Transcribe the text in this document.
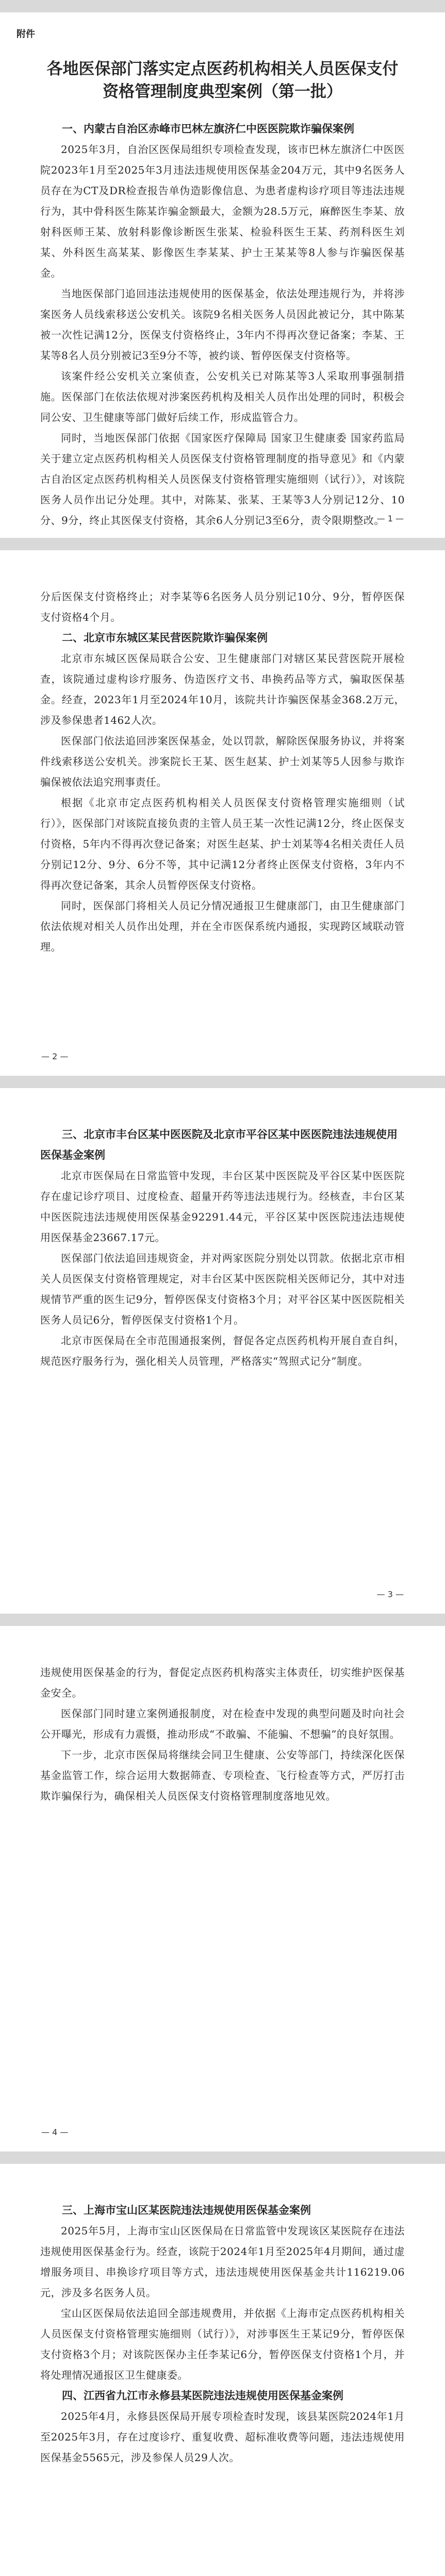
附件
各地医保部门落实定点医药机构相关人员医保支付资格管理制度典型案例（第一批）
一、内蒙古自治区赤峰市巴林左旗济仁中医医院欺诈骗保案例

2025年3月，自治区医保局组织专项检查发现，该市巴林左旗济仁中医医院2023年1月至2025年3月违法违规使用医保基金204万元，其中9名医务人员存在为CT及DR检查报告单伪造影像信息、为患者虚构诊疗项目等违法违规行为，其中骨科医生陈某诈骗金额最大，金额为28.5万元，麻醉医生李某、放射科医师王某、放射科影像诊断医生张某、检验科医生王某、药剂科医生刘某、外科医生高某某、影像医生李某某、护士王某某等8人参与诈骗医保基金。

当地医保部门追回违法违规使用的医保基金，依法处理违规行为，并将涉案医务人员线索移送公安机关。该院9名相关医务人员因此被记分，其中陈某被一次性记满12分，医保支付资格终止，3年内不得再次登记备案；李某、王某等8名人员分别被记3至9分不等，被约谈、暂停医保支付资格等。

该案件经公安机关立案侦查，公安机关已对陈某等3人采取刑事强制措施。医保部门在依法依规对涉案医药机构及相关人员作出处理的同时，积极会同公安、卫生健康等部门做好后续工作，形成监管合力。

同时，当地医保部门依据《国家医疗保障局 国家卫生健康委 国家药监局关于建立定点医药机构相关人员医保支付资格管理制度的指导意见》和《内蒙古自治区定点医药机构相关人员医保支付资格管理实施细则（试行）》，对该院医务人员作出记分处理。其中，对陈某、张某、王某等3人分别记12分、10分、9分，终止其医保支付资格，其余6人分别记3至6分，责令限期整改。

— 1 —

分后医保支付资格终止；对李某等6名医务人员分别记10分、9分，暂停医保支付资格4个月。

二、北京市东城区某民营医院欺诈骗保案例

北京市东城区医保局联合公安、卫生健康部门对辖区某民营医院开展检查，该院通过虚构诊疗服务、伪造医疗文书、串换药品等方式，骗取医保基金。经查，2023年1月至2024年10月，该院共计诈骗医保基金368.2万元，涉及参保患者1462人次。

医保部门依法追回涉案医保基金，处以罚款，解除医保服务协议，并将案件线索移送公安机关。涉案院长王某、医生赵某、护士刘某等5人因参与欺诈骗保被依法追究刑事责任。

根据《北京市定点医药机构相关人员医保支付资格管理实施细则（试行）》，医保部门对该院直接负责的主管人员王某一次性记满12分，终止医保支付资格，5年内不得再次登记备案；对医生赵某、护士刘某等4名相关责任人员分别记12分、9分、6分不等，其中记满12分者终止医保支付资格，3年内不得再次登记备案，其余人员暂停医保支付资格。

同时，医保部门将相关人员记分情况通报卫生健康部门，由卫生健康部门依法依规对相关人员作出处理，并在全市医保系统内通报，实现跨区域联动管理。

— 2 —
三、北京市丰台区某中医医院及北京市平谷区某中医医院违法违规使用医保基金案例

北京市医保局在日常监管中发现，丰台区某中医医院及平谷区某中医医院存在虚记诊疗项目、过度检查、超量开药等违法违规行为。经核查，丰台区某中医医院违法违规使用医保基金92291.44元，平谷区某中医医院违法违规使用医保基金23667.17元。

医保部门依法追回违规资金，并对两家医院分别处以罚款。依据北京市相关人员医保支付资格管理规定，对丰台区某中医医院相关医师记分，其中对违规情节严重的医生记9分，暂停医保支付资格3个月；对平谷区某中医医院相关医务人员记6分，暂停医保支付资格1个月。

北京市医保局在全市范围通报案例，督促各定点医药机构开展自查自纠，规范医疗服务行为，强化相关人员管理，严格落实“驾照式记分”制度。

— 3 —

违规使用医保基金的行为，督促定点医药机构落实主体责任，切实维护医保基金安全。

医保部门同时建立案例通报制度，对在检查中发现的典型问题及时向社会公开曝光，形成有力震慑，推动形成“不敢骗、不能骗、不想骗”的良好氛围。

下一步，北京市医保局将继续会同卫生健康、公安等部门，持续深化医保基金监管工作，综合运用大数据筛查、专项检查、飞行检查等方式，严厉打击欺诈骗保行为，确保相关人员医保支付资格管理制度落地见效。

— 4 —
三、上海市宝山区某医院违法违规使用医保基金案例

2025年5月，上海市宝山区医保局在日常监管中发现该区某医院存在违法违规使用医保基金行为。经查，该院于2024年1月至2025年4月期间，通过虚增服务项目、串换诊疗项目等方式，违法违规使用医保基金共计116219.06元，涉及多名医务人员。

宝山区医保局依法追回全部违规费用，并依据《上海市定点医药机构相关人员医保支付资格管理实施细则（试行）》，对涉事医生王某记9分，暂停医保支付资格3个月；对该院医保办主任李某记6分，暂停医保支付资格1个月，并将处理情况通报区卫生健康委。

四、江西省九江市永修县某医院违法违规使用医保基金案例

2025年4月，永修县医保局开展专项检查时发现，该县某医院2024年1月至2025年3月，存在过度诊疗、重复收费、超标准收费等问题，违法违规使用医保基金5565元，涉及参保人员29人次。
